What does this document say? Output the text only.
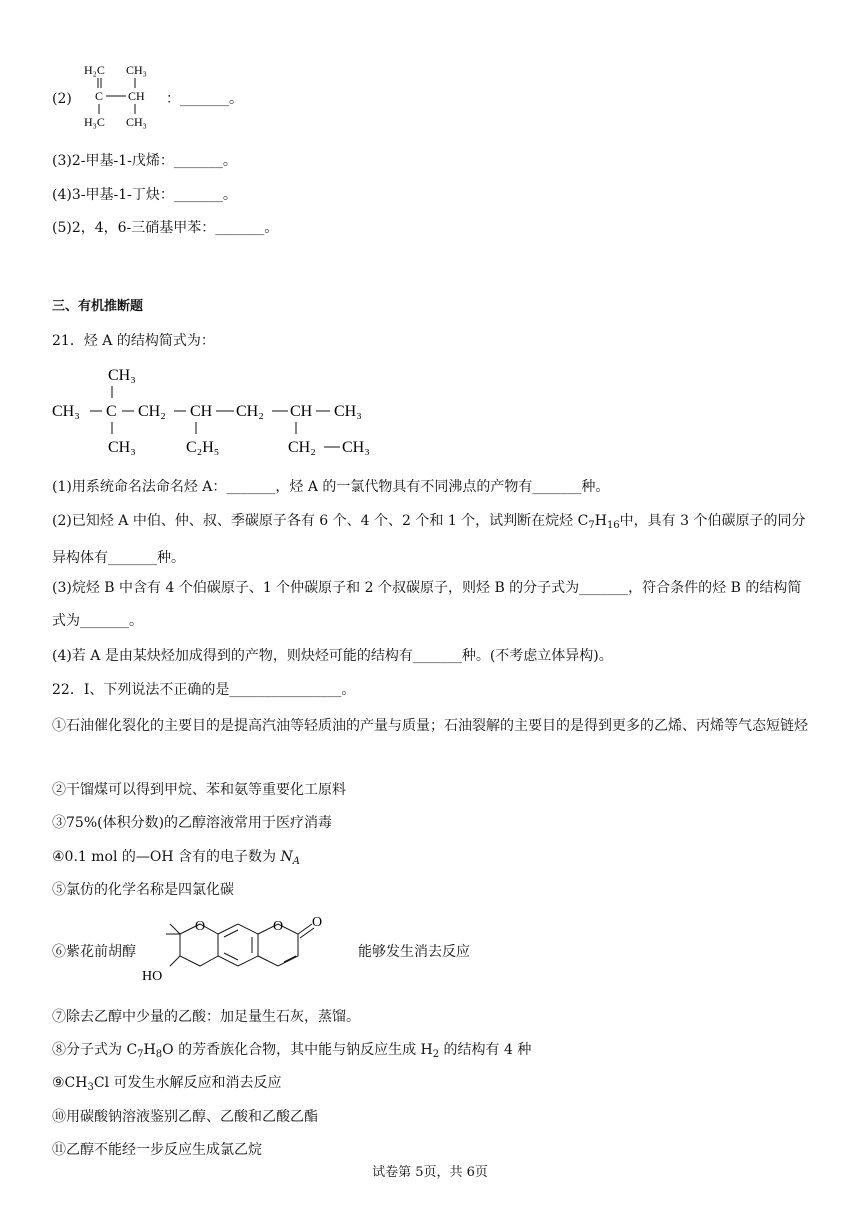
(2)
H₂C CH₃
C CH
H₃C CH₃
：_______。
(3)2-甲基-1-戊烯：_______。
(4)3-甲基-1-丁炔：_______。
(5)2，4，6-三硝基甲苯：_______。
三、有机推断题
21．烃 A 的结构简式为：
CH₃
CH₃ C CH₂ CH CH₂ CH CH₃
CH₃	C₂H₅	CH₂ CH₃
(1)用系统命名法命名烃 A：_______，烃 A 的一氯代物具有不同沸点的产物有_______种。
(2)已知烃 A 中伯、仲、叔、季碳原子各有 6 个、4 个、2 个和 1 个，试判断在烷烃 $C_7H_{16}$中，具有 3 个伯碳原子的同分异构体有_______种。
(3)烷烃 B 中含有 4 个伯碳原子、1 个仲碳原子和 2 个叔碳原子，则烃 B 的分子式为_______，符合条件的烃 B 的结构简式为_______。
(4)若 A 是由某炔烃加成得到的产物，则炔烃可能的结构有_______种。(不考虑立体异构)。
22．I、下列说法不正确的是________________。
①石油催化裂化的主要目的是提高汽油等轻质油的产量与质量；石油裂解的主要目的是得到更多的乙烯、丙烯等气态短链烃
②干馏煤可以得到甲烷、苯和氨等重要化工原料
③75%(体积分数)的乙醇溶液常用于医疗消毒
④0.1 mol 的—OH 含有的电子数为 $N_A$
⑤氯仿的化学名称是四氯化碳
⑥紫花前胡醇
O
HO
O O
能够发生消去反应
⑦除去乙醇中少量的乙酸：加足量生石灰，蒸馏。
⑧分子式为 $C_7H_8O$ 的芳香族化合物，其中能与钠反应生成 $H_2$ 的结构有 4 种
$⑨CH_3Cl$ 可发生水解反应和消去反应
⑩用碳酸钠溶液鉴别乙醇、乙酸和乙酸乙酯
⑪乙醇不能经一步反应生成氯乙烷
试卷第 5页，共 6页
